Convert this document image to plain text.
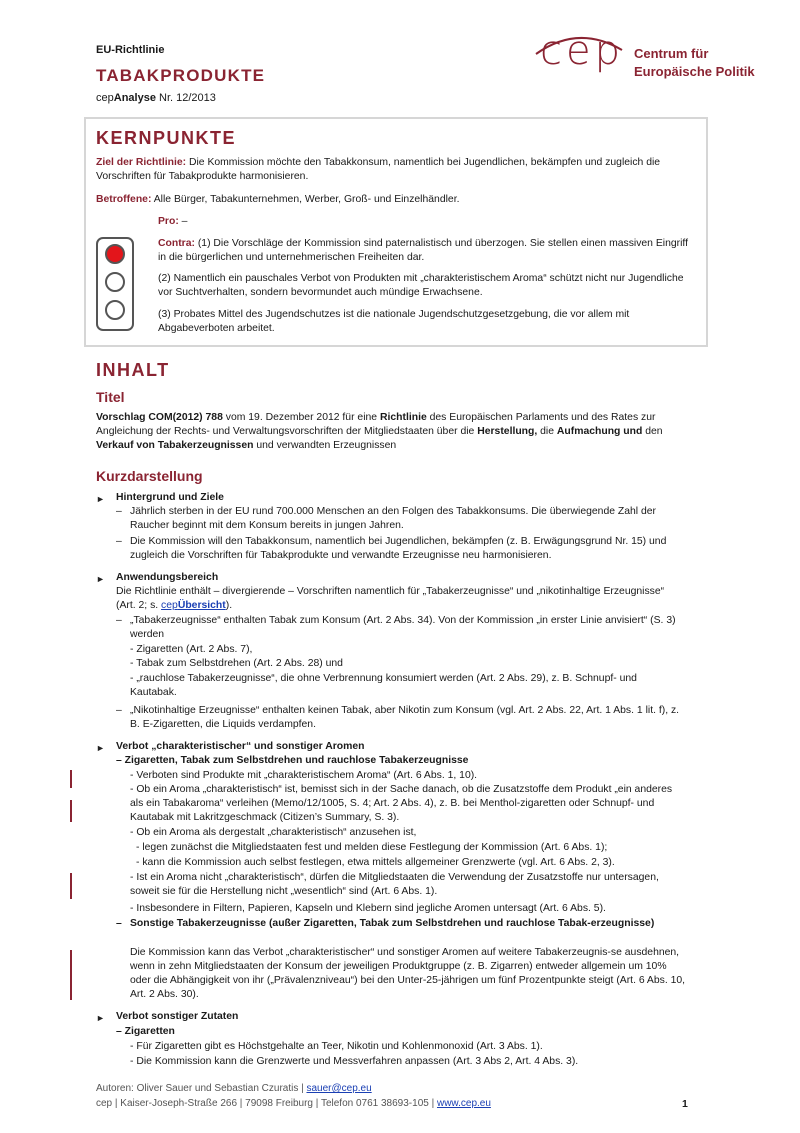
EU-Richtlinie
TABAKPRODUKTE
cepAnalyse Nr. 12/2013
cep Centrum für
Europäische Politik
KERNPUNKTE
Ziel der Richtlinie: Die Kommission möchte den Tabakkonsum, namentlich bei Jugendlichen, bekämpfen und zugleich die Vorschriften für Tabakprodukte harmonisieren.
Betroffene: Alle Bürger, Tabakunternehmen, Werber, Groß- und Einzelhändler.
Pro: –
Contra: (1) Die Vorschläge der Kommission sind paternalistisch und überzogen. Sie stellen einen massiven Eingriff in die bürgerlichen und unternehmerischen Freiheiten dar.
(2) Namentlich ein pauschales Verbot von Produkten mit „charakteristischem Aroma“ schützt nicht nur Jugendliche vor Suchtverhalten, sondern bevormundet auch mündige Erwachsene.
(3) Probates Mittel des Jugendschutzes ist die nationale Jugendschutzgesetzgebung, die vor allem mit Abgabeverboten arbeitet.
INHALT
Titel
Vorschlag COM(2012) 788 vom 19. Dezember 2012 für eine Richtlinie des Europäischen Parlaments und des Rates zur Angleichung der Rechts- und Verwaltungsvorschriften der Mitgliedstaaten über die Herstellung, die Aufmachung und den Verkauf von Tabakerzeugnissen und verwandten Erzeugnissen
Kurzdarstellung
► Hintergrund und Ziele
– Jährlich sterben in der EU rund 700.000 Menschen an den Folgen des Tabakkonsums. Die überwiegende Zahl der Raucher beginnt mit dem Konsum bereits in jungen Jahren.
– Die Kommission will den Tabakkonsum, namentlich bei Jugendlichen, bekämpfen (z. B. Erwägungsgrund Nr. 15) und zugleich die Vorschriften für Tabakprodukte und verwandte Erzeugnisse neu harmonisieren.
► Anwendungsbereich
Die Richtlinie enthält – divergierende – Vorschriften namentlich für „Tabakerzeugnisse“ und „nikotinhaltige Erzeugnisse“ (Art. 2; s. cepÜbersicht).
– „Tabakerzeugnisse“ enthalten Tabak zum Konsum (Art. 2 Abs. 34). Von der Kommission „in erster Linie anvisiert“ (S. 3) werden
- Zigaretten (Art. 2 Abs. 7),
- Tabak zum Selbstdrehen (Art. 2 Abs. 28) und
- „rauchlose Tabakerzeugnisse“, die ohne Verbrennung konsumiert werden (Art. 2 Abs. 29), z. B. Schnupf- und Kautabak.
– „Nikotinhaltige Erzeugnisse“ enthalten keinen Tabak, aber Nikotin zum Konsum (vgl. Art. 2 Abs. 22, Art. 1 Abs. 1 lit. f), z. B. E-Zigaretten, die Liquids verdampfen.
► Verbot „charakteristischer“ und sonstiger Aromen
– Zigaretten, Tabak zum Selbstdrehen und rauchlose Tabakerzeugnisse
- Verboten sind Produkte mit „charakteristischem Aroma“ (Art. 6 Abs. 1, 10).
- Ob ein Aroma „charakteristisch“ ist, bemisst sich in der Sache danach, ob die Zusatzstoffe dem Produkt „ein anderes als ein Tabakaroma“ verleihen (Memo/12/1005, S. 4; Art. 2 Abs. 4), z. B. bei Menthol-zigaretten oder Schnupf- und Kautabak mit Lakritzgeschmack (Citizen’s Summary, S. 3).
- Ob ein Aroma als dergestalt „charakteristisch“ anzusehen ist,
- legen zunächst die Mitgliedstaaten fest und melden diese Festlegung der Kommission (Art. 6 Abs. 1);
- kann die Kommission auch selbst festlegen, etwa mittels allgemeiner Grenzwerte (vgl. Art. 6 Abs. 2, 3).
- Ist ein Aroma nicht „charakteristisch“, dürfen die Mitgliedstaaten die Verwendung der Zusatzstoffe nur untersagen, soweit sie für die Herstellung nicht „wesentlich“ sind (Art. 6 Abs. 1).
- Insbesondere in Filtern, Papieren, Kapseln und Klebern sind jegliche Aromen untersagt (Art. 6 Abs. 5).
– Sonstige Tabakerzeugnisse (außer Zigaretten, Tabak zum Selbstdrehen und rauchlose Tabak-erzeugnisse)
Die Kommission kann das Verbot „charakteristischer“ und sonstiger Aromen auf weitere Tabakerzeugnis-se ausdehnen, wenn in zehn Mitgliedstaaten der Konsum der jeweiligen Produktgruppe (z. B. Zigarren) entweder allgemein um 10% oder die Abhängigkeit von ihr („Prävalenzniveau“) bei den Unter-25-jährigen um fünf Prozentpunkte steigt (Art. 6 Abs. 10, Art. 2 Abs. 30).
► Verbot sonstiger Zutaten
– Zigaretten
- Für Zigaretten gibt es Höchstgehalte an Teer, Nikotin und Kohlenmonoxid (Art. 3 Abs. 1).
- Die Kommission kann die Grenzwerte und Messverfahren anpassen (Art. 3 Abs 2, Art. 4 Abs. 3).
Autoren: Oliver Sauer und Sebastian Czuratis | sauer@cep.eu
cep | Kaiser-Joseph-Straße 266 | 79098 Freiburg | Telefon 0761 38693-105 | www.cep.eu	1
